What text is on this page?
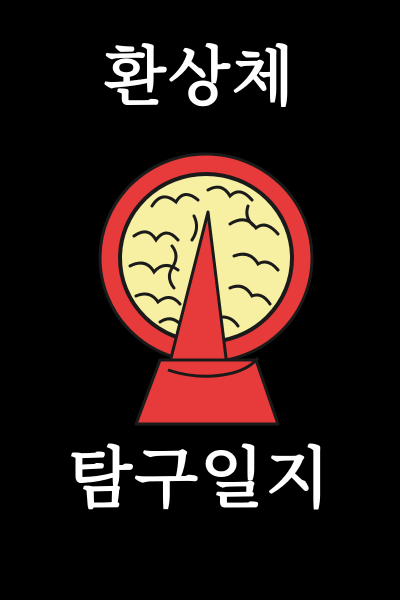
환상체
탐구일지
